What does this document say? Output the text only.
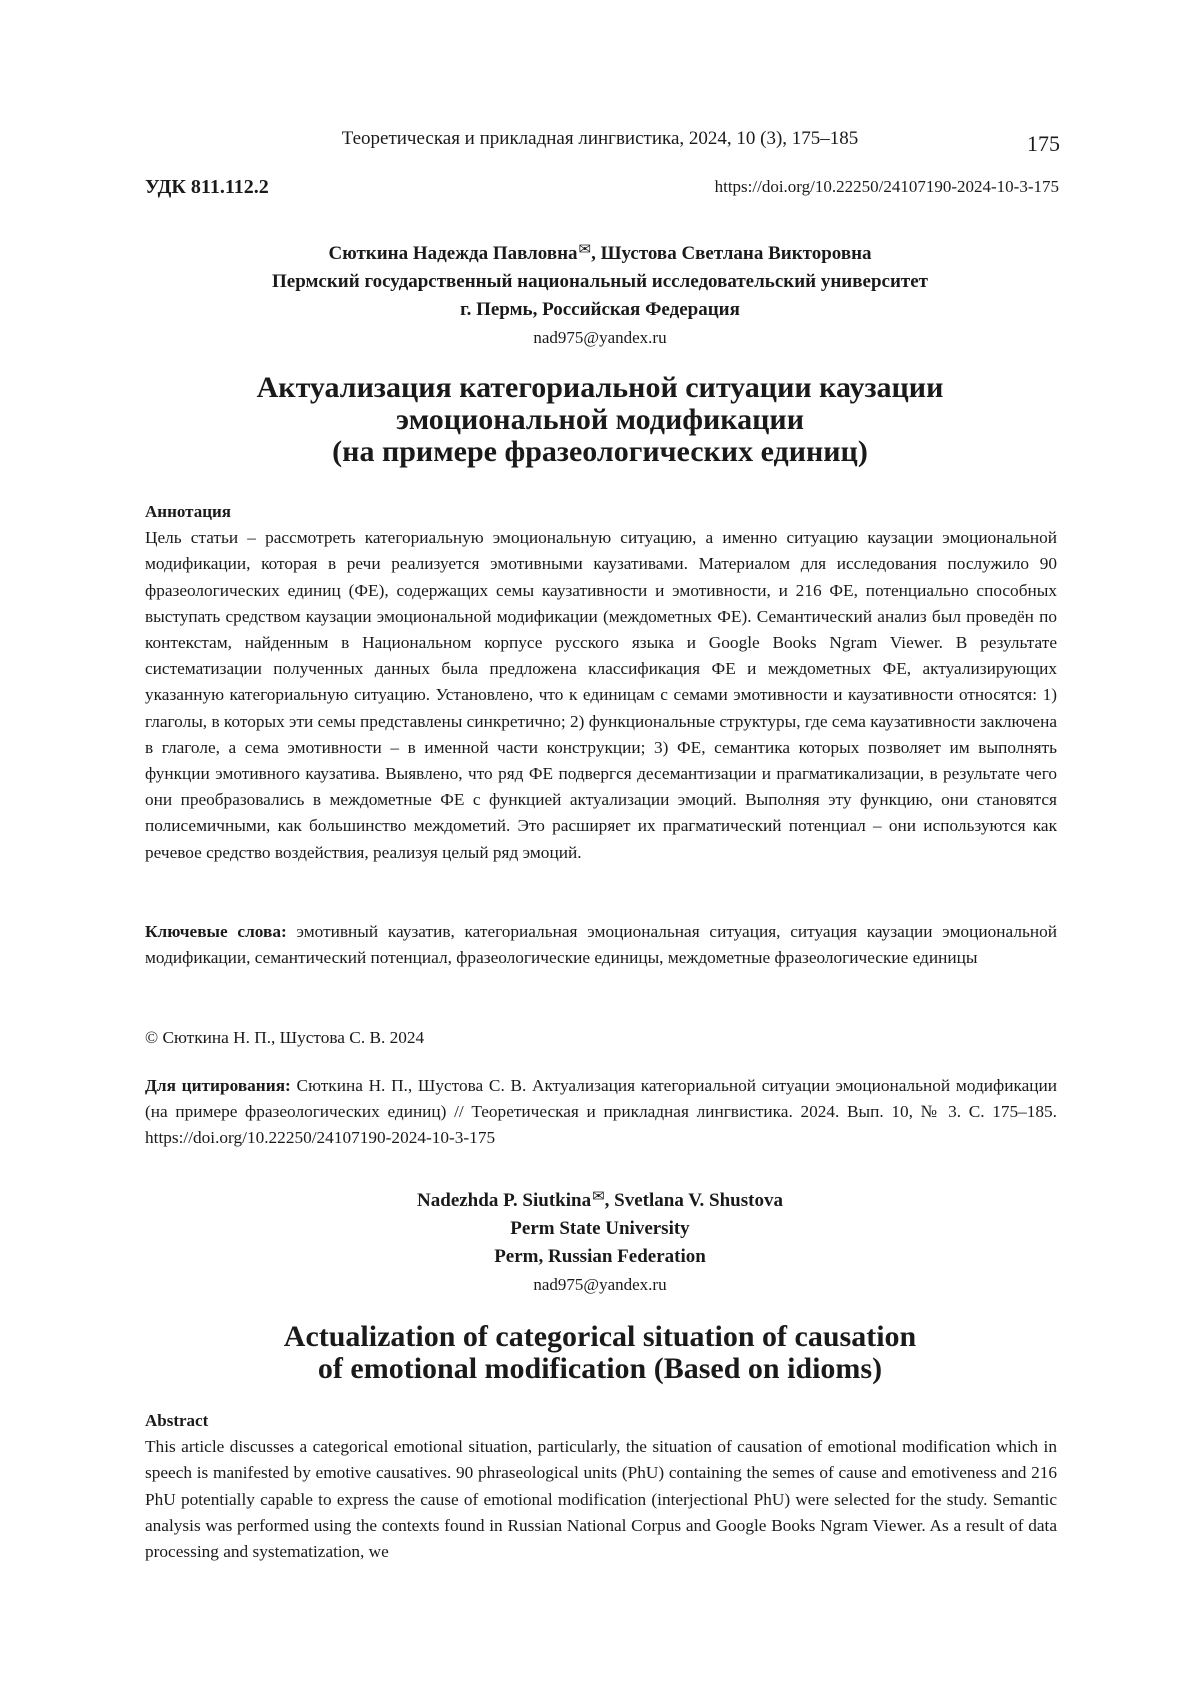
Теоретическая и прикладная лингвистика, 2024, 10 (3), 175–185	175
УДК 811.112.2	https://doi.org/10.22250/24107190-2024-10-3-175
Сюткина Надежда Павловна✉, Шустова Светлана Викторовна
Пермский государственный национальный исследовательский университет
г. Пермь, Российская Федерация
nad975@yandex.ru
Актуализация категориальной ситуации каузации
эмоциональной модификации
(на примере фразеологических единиц)
Аннотация
Цель статьи – рассмотреть категориальную эмоциональную ситуацию, а именно ситуацию каузации эмоциональной модификации, которая в речи реализуется эмотивными каузативами. Материалом для исследования послужило 90 фразеологических единиц (ФЕ), содержащих семы каузативности и эмотивности, и 216 ФЕ, потенциально способных выступать средством каузации эмоциональной модификации (междометных ФЕ). Семантический анализ был проведён по контекстам, найденным в Национальном корпусе русского языка и Google Books Ngram Viewer. В результате систематизации полученных данных была предложена классификация ФЕ и междометных ФЕ, актуализирующих указанную категориальную ситуацию. Установлено, что к единицам с семами эмотивности и каузативности относятся: 1) глаголы, в которых эти семы представлены синкретично; 2) функциональные структуры, где сема каузативности заключена в глаголе, а сема эмотивности – в именной части конструкции; 3) ФЕ, семантика которых позволяет им выполнять функции эмотивного каузатива. Выявлено, что ряд ФЕ подвергся десемантизации и прагматикализации, в результате чего они преобразовались в междометные ФЕ с функцией актуализации эмоций. Выполняя эту функцию, они становятся полисемичными, как большинство междометий. Это расширяет их прагматический потенциал – они используются как речевое средство воздействия, реализуя целый ряд эмоций.
Ключевые слова: эмотивный каузатив, категориальная эмоциональная ситуация, ситуация каузации эмоциональной модификации, семантический потенциал, фразеологические единицы, междометные фразеологические единицы
© Сюткина Н. П., Шустова С. В. 2024
Для цитирования: Сюткина Н. П., Шустова С. В. Актуализация категориальной ситуации эмоциональной модификации (на примере фразеологических единиц) // Теоретическая и прикладная лингвистика. 2024. Вып. 10, № 3. С. 175–185. https://doi.org/10.22250/24107190-2024-10-3-175
Nadezhda P. Siutkina✉, Svetlana V. Shustova
Perm State University
Perm, Russian Federation
nad975@yandex.ru
Actualization of categorical situation of causation
of emotional modification (Based on idioms)
Abstract
This article discusses a categorical emotional situation, particularly, the situation of causation of emotional modification which in speech is manifested by emotive causatives. 90 phraseological units (PhU) containing the semes of cause and emotiveness and 216 PhU potentially capable to express the cause of emotional modification (interjectional PhU) were selected for the study. Semantic analysis was performed using the contexts found in Russian National Corpus and Google Books Ngram Viewer. As a result of data processing and systematization, we
